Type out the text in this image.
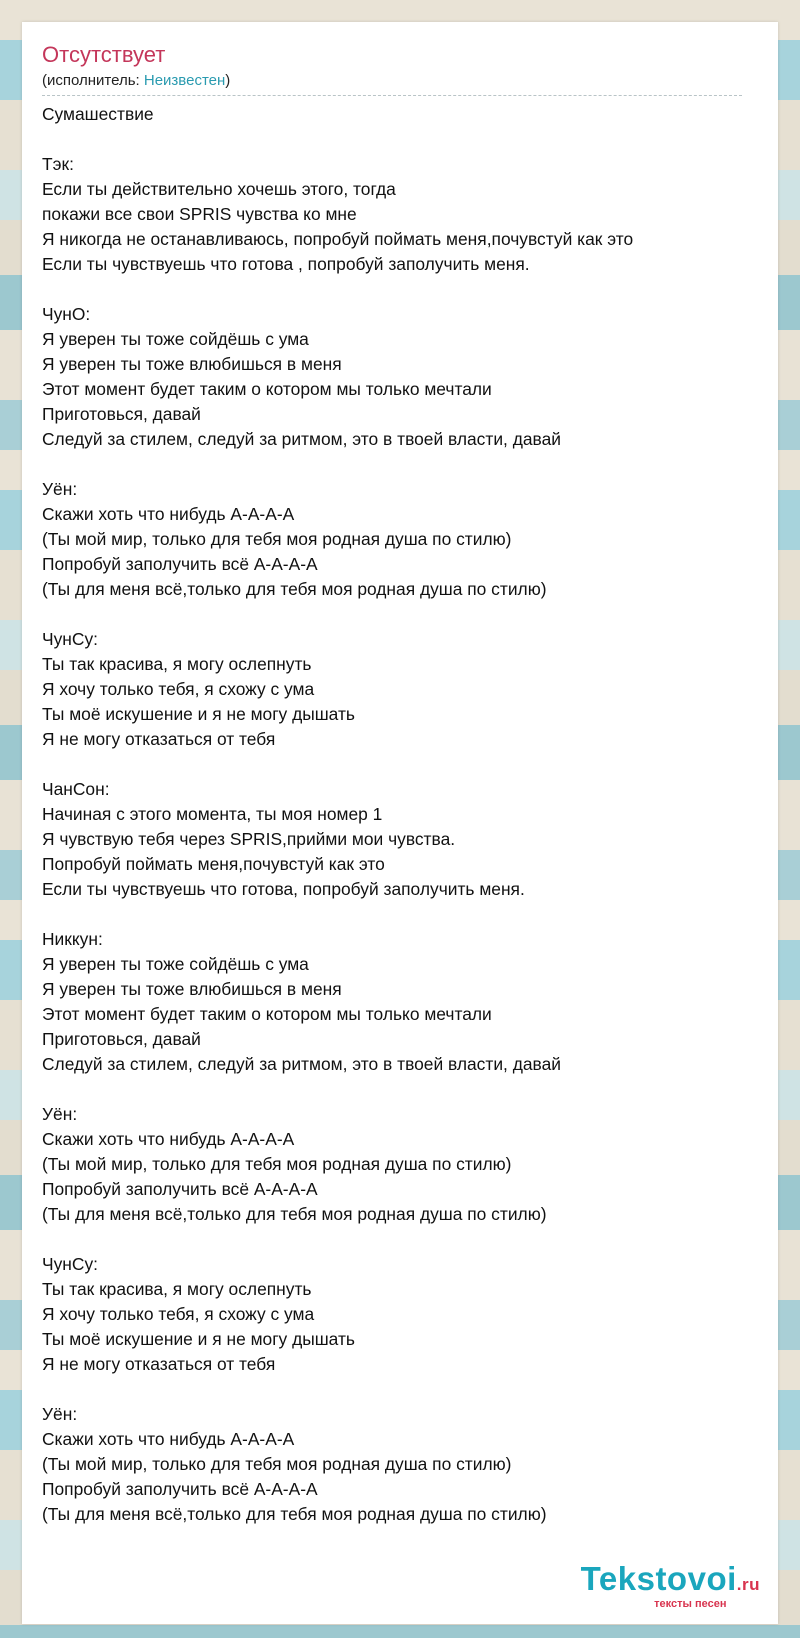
Отсутствует
(исполнитель: Неизвестен)
Сумашествие

Тэк:
Если ты действительно хочешь этого, тогда
покажи все свои SPRIS чувства ко мне
Я никогда не останавливаюсь, попробуй поймать меня,почувстуй как это
Если ты чувствуешь что готова , попробуй заполучить меня.

ЧунО:
Я уверен ты тоже сойдёшь с ума
Я уверен ты тоже влюбишься в меня
Этот момент будет таким о котором мы только мечтали
Приготовься, давай
Следуй за стилем, следуй за ритмом, это в твоей власти, давай

Уён:
Скажи хоть что нибудь А-А-А-А
(Ты мой мир, только для тебя моя родная душа по стилю)
Попробуй заполучить всё А-А-А-А
(Ты для меня всё,только для тебя моя родная душа по стилю)

ЧунСу:
Ты так красива, я могу ослепнуть
Я хочу только тебя, я схожу с ума
Ты моё искушение и я не могу дышать
Я не могу отказаться от тебя

ЧанСон:
Начиная с этого момента, ты моя номер 1
Я чувствую тебя через SPRIS,прийми мои чувства.
Попробуй поймать меня,почувстуй как это
Если ты чувствуешь что готова, попробуй заполучить меня.

Никкун:
Я уверен ты тоже сойдёшь с ума
Я уверен ты тоже влюбишься в меня
Этот момент будет таким о котором мы только мечтали
Приготовься, давай
Следуй за стилем, следуй за ритмом, это в твоей власти, давай

Уён:
Скажи хоть что нибудь А-А-А-А
(Ты мой мир, только для тебя моя родная душа по стилю)
Попробуй заполучить всё А-А-А-А
(Ты для меня всё,только для тебя моя родная душа по стилю)

ЧунСу:
Ты так красива, я могу ослепнуть
Я хочу только тебя, я схожу с ума
Ты моё искушение и я не могу дышать
Я не могу отказаться от тебя

Уён:
Скажи хоть что нибудь А-А-А-А
(Ты мой мир, только для тебя моя родная душа по стилю)
Попробуй заполучить всё А-А-А-А
(Ты для меня всё,только для тебя моя родная душа по стилю)
Tekstovoi.ru
тексты песен
